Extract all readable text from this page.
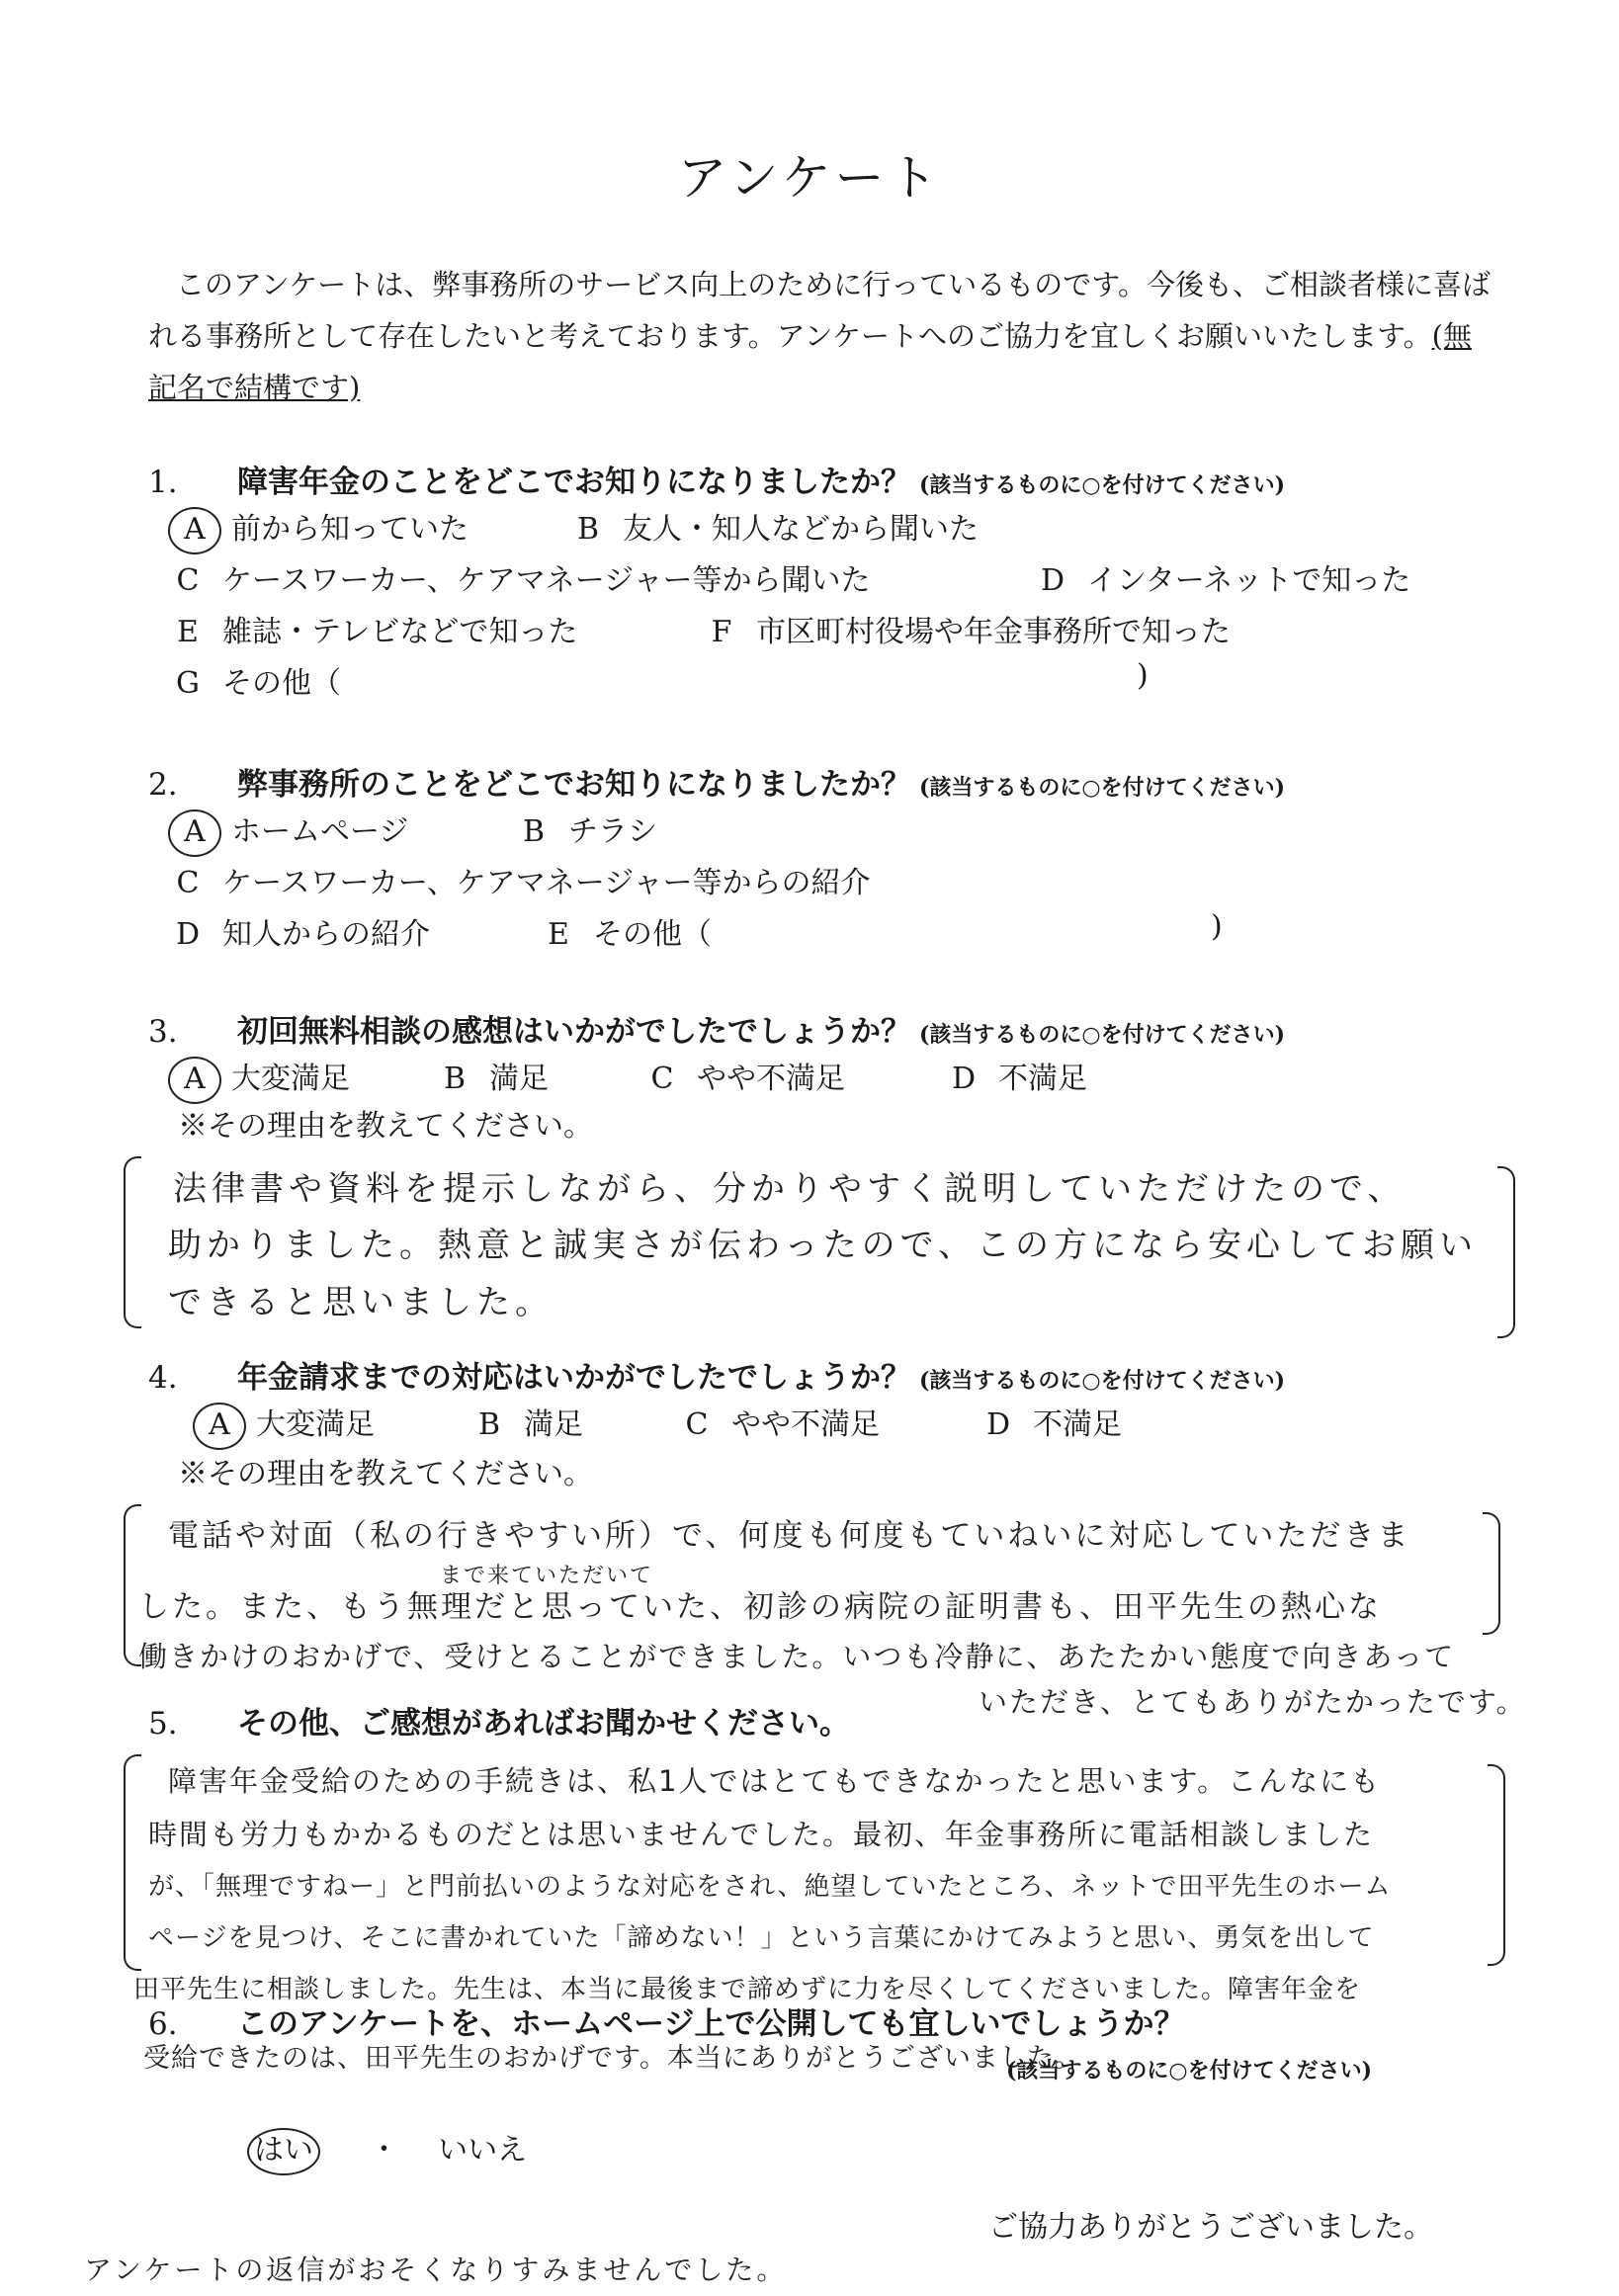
アンケート
このアンケートは、弊事務所のサービス向上のために行っているものです。今後も、ご相談者様に喜ばれる事務所として存在したいと考えております。アンケートへのご協力を宜しくお願いいたします。(無記名で結構です)
1. 障害年金のことをどこでお知りになりましたか？ (該当するものに○を付けてください)
A 前から知っていた	B 友人・知人などから聞いた
C ケースワーカー、ケアマネージャー等から聞いた	D インターネットで知った
E 雑誌・テレビなどで知った	F 市区町村役場や年金事務所で知った
G その他（	)
2. 弊事務所のことをどこでお知りになりましたか？ (該当するものに○を付けてください)
A ホームページ	B チラシ
C ケースワーカー、ケアマネージャー等からの紹介
D 知人からの紹介	E その他（	)
3. 初回無料相談の感想はいかがでしたでしょうか？ (該当するものに○を付けてください)
A 大変満足	B 満足	C やや不満足	D 不満足
※その理由を教えてください。
法律書や資料を提示しながら、分かりやすく説明していただけたので、
助かりました。熱意と誠実さが伝わったので、この方になら安心してお願い
できると思いました。
4. 年金請求までの対応はいかがでしたでしょうか？ (該当するものに○を付けてください)
A 大変満足	B 満足	C やや不満足	D 不満足
※その理由を教えてください。
電話や対面（私の行きやすい所）で、何度も何度もていねいに対応していただきま
まで来ていただいて
した。また、もう無理だと思っていた、初診の病院の証明書も、田平先生の熱心な
働きかけのおかげで、受けとることができました。いつも冷静に、あたたかい態度で向きあって
いただき、とてもありがたかったです。
5. その他、ご感想があればお聞かせください。
障害年金受給のための手続きは、私1人ではとてもできなかったと思います。こんなにも
時間も労力もかかるものだとは思いませんでした。最初、年金事務所に電話相談しました
が、「無理ですねー」と門前払いのような対応をされ、絶望していたところ、ネットで田平先生のホーム
ページを見つけ、そこに書かれていた「諦めない！」という言葉にかけてみようと思い、勇気を出して
田平先生に相談しました。先生は、本当に最後まで諦めずに力を尽くしてくださいました。障害年金を
受給できたのは、田平先生のおかげです。本当にありがとうございました。
6. このアンケートを、ホームページ上で公開しても宜しいでしょうか？
(該当するものに○を付けてください)
はい ・ いいえ
ご協力ありがとうございました。
アンケートの返信がおそくなりすみませんでした。
